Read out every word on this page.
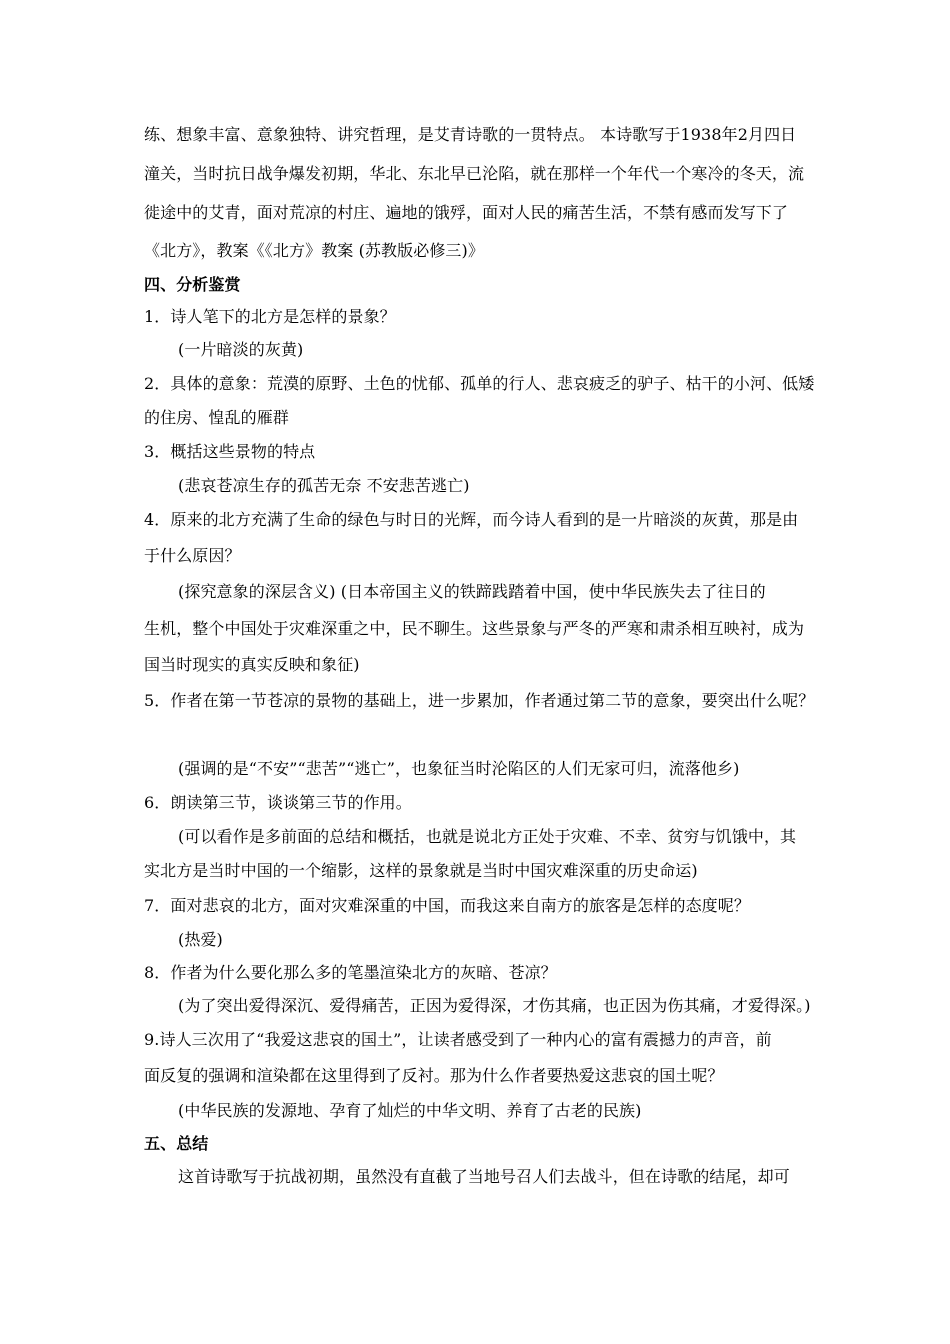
练、想象丰富、意象独特、讲究哲理，是艾青诗歌的一贯特点。 本诗歌写于1938年2月四日
潼关，当时抗日战争爆发初期，华北、东北早已沦陷，就在那样一个年代一个寒冷的冬天，流
徙途中的艾青，面对荒凉的村庄、遍地的饿殍，面对人民的痛苦生活，不禁有感而发写下了
《北方》，教案《《北方》教案 (苏教版必修三)》
四、分析鉴赏
1．诗人笔下的北方是怎样的景象？
(一片暗淡的灰黄)
2．具体的意象：荒漠的原野、土色的忧郁、孤单的行人、悲哀疲乏的驴子、枯干的小河、低矮
的住房、惶乱的雁群
3．概括这些景物的特点
(悲哀苍凉生存的孤苦无奈 不安悲苦逃亡)
4．原来的北方充满了生命的绿色与时日的光辉，而今诗人看到的是一片暗淡的灰黄，那是由
于什么原因？
(探究意象的深层含义) (日本帝国主义的铁蹄践踏着中国，使中华民族失去了往日的
生机，整个中国处于灾难深重之中，民不聊生。这些景象与严冬的严寒和肃杀相互映衬，成为
国当时现实的真实反映和象征)
5．作者在第一节苍凉的景物的基础上，进一步累加，作者通过第二节的意象，要突出什么呢？
(强调的是“不安”“悲苦”“逃亡”，也象征当时沦陷区的人们无家可归，流落他乡)
6．朗读第三节，谈谈第三节的作用。
(可以看作是多前面的总结和概括，也就是说北方正处于灾难、不幸、贫穷与饥饿中，其
实北方是当时中国的一个缩影，这样的景象就是当时中国灾难深重的历史命运)
7．面对悲哀的北方，面对灾难深重的中国，而我这来自南方的旅客是怎样的态度呢？
(热爱)
8．作者为什么要化那么多的笔墨渲染北方的灰暗、苍凉？
(为了突出爱得深沉、爱得痛苦，正因为爱得深，才伤其痛，也正因为伤其痛，才爱得深。)
9.诗人三次用了“我爱这悲哀的国土”，让读者感受到了一种内心的富有震撼力的声音，前
面反复的强调和渲染都在这里得到了反衬。那为什么作者要热爱这悲哀的国土呢？
(中华民族的发源地、孕育了灿烂的中华文明、养育了古老的民族)
五、总结
这首诗歌写于抗战初期，虽然没有直截了当地号召人们去战斗，但在诗歌的结尾，却可
